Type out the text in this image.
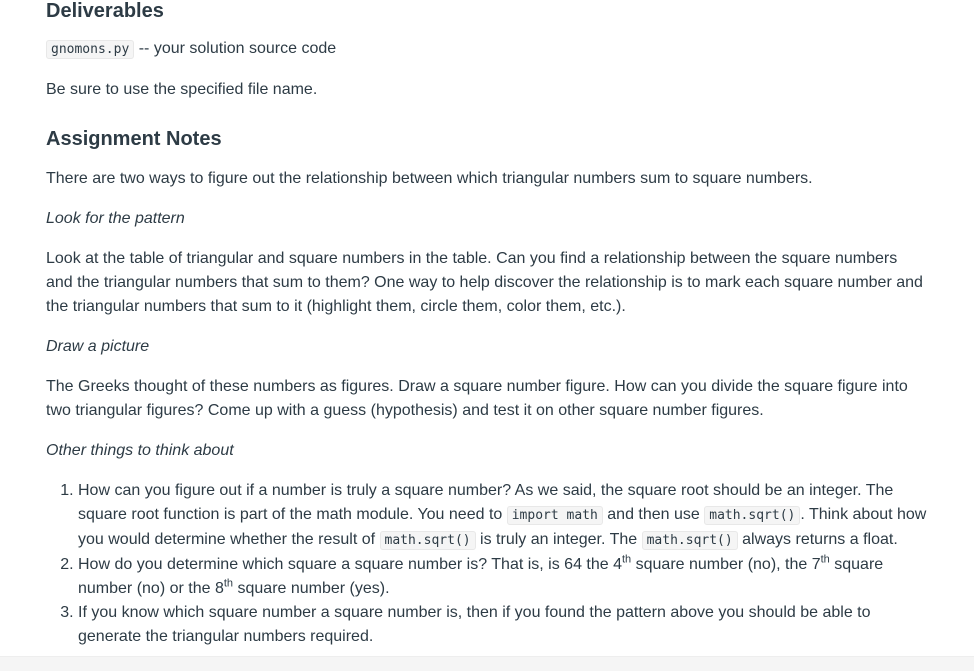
Deliverables

gnomons.py -- your solution source code

Be sure to use the specified file name.

Assignment Notes

There are two ways to figure out the relationship between which triangular numbers sum to square numbers.

Look for the pattern

Look at the table of triangular and square numbers in the table. Can you find a relationship between the square numbers and the triangular numbers that sum to them? One way to help discover the relationship is to mark each square number and the triangular numbers that sum to it (highlight them, circle them, color them, etc.).

Draw a picture

The Greeks thought of these numbers as figures. Draw a square number figure. How can you divide the square figure into two triangular figures? Come up with a guess (hypothesis) and test it on other square number figures.

Other things to think about

1. How can you figure out if a number is truly a square number? As we said, the square root should be an integer. The square root function is part of the math module. You need to import math and then use math.sqrt() . Think about how you would determine whether the result of math.sqrt() is truly an integer. The math.sqrt() always returns a float.
2. How do you determine which square a square number is? That is, is 64 the 4th square number (no), the 7th square number (no) or the 8th square number (yes).
3. If you know which square number a square number is, then if you found the pattern above you should be able to generate the triangular numbers required.
